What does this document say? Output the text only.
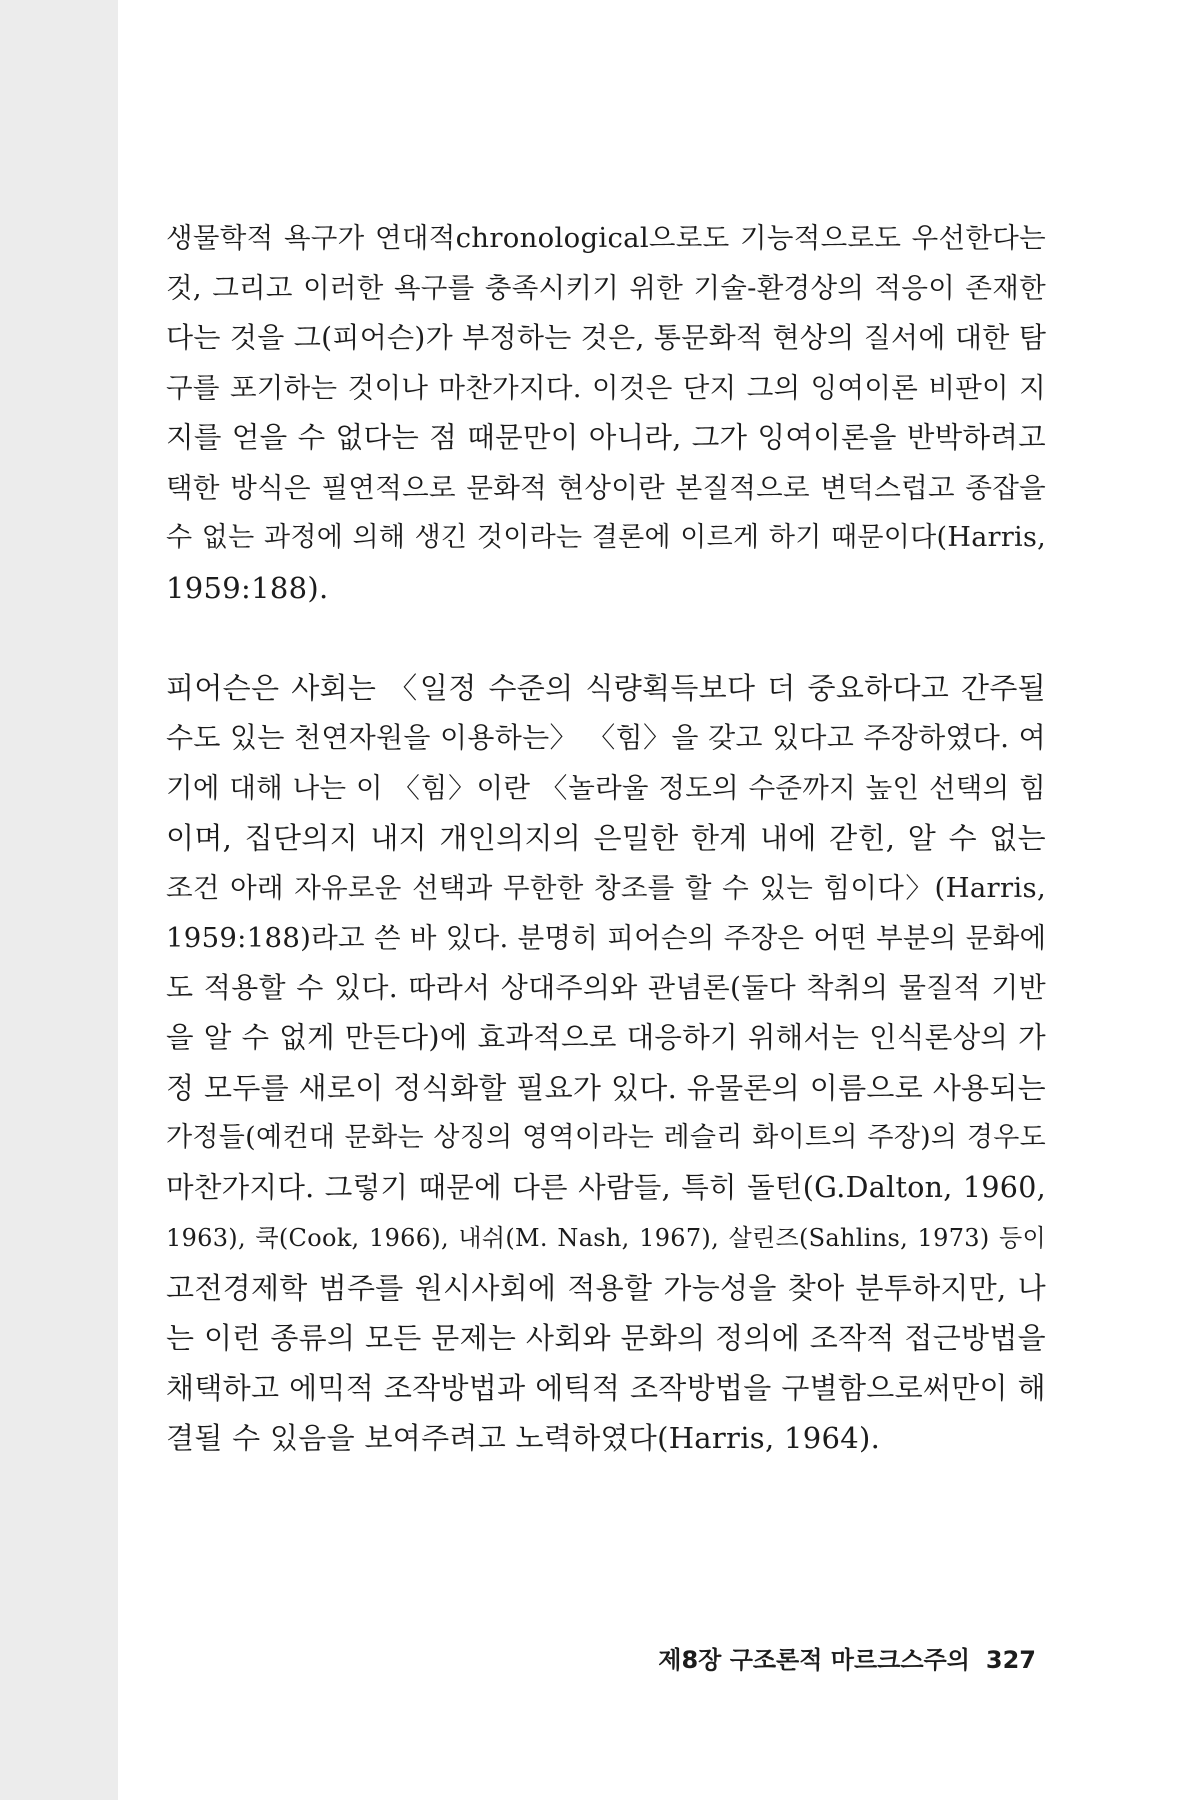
생물학적 욕구가 연대적chronological으로도 기능적으로도 우선한다는
것, 그리고 이러한 욕구를 충족시키기 위한 기술-환경상의 적응이 존재한
다는 것을 그(피어슨)가 부정하는 것은, 통문화적 현상의 질서에 대한 탐
구를 포기하는 것이나 마찬가지다. 이것은 단지 그의 잉여이론 비판이 지
지를 얻을 수 없다는 점 때문만이 아니라, 그가 잉여이론을 반박하려고
택한 방식은 필연적으로 문화적 현상이란 본질적으로 변덕스럽고 종잡을
수 없는 과정에 의해 생긴 것이라는 결론에 이르게 하기 때문이다(Harris,
1959:188).

피어슨은 사회는 〈일정 수준의 식량획득보다 더 중요하다고 간주될
수도 있는 천연자원을 이용하는〉 〈힘〉을 갖고 있다고 주장하였다. 여
기에 대해 나는 이 〈힘〉이란 〈놀라울 정도의 수준까지 높인 선택의 힘
이며, 집단의지 내지 개인의지의 은밀한 한계 내에 갇힌, 알 수 없는
조건 아래 자유로운 선택과 무한한 창조를 할 수 있는 힘이다〉(Harris,
1959:188)라고 쓴 바 있다. 분명히 피어슨의 주장은 어떤 부분의 문화에
도 적용할 수 있다. 따라서 상대주의와 관념론(둘다 착취의 물질적 기반
을 알 수 없게 만든다)에 효과적으로 대응하기 위해서는 인식론상의 가
정 모두를 새로이 정식화할 필요가 있다. 유물론의 이름으로 사용되는
가정들(예컨대 문화는 상징의 영역이라는 레슬리 화이트의 주장)의 경우도
마찬가지다. 그렇기 때문에 다른 사람들, 특히 돌턴(G.Dalton, 1960,
1963), 쿡(Cook, 1966), 내쉬(M. Nash, 1967), 살린즈(Sahlins, 1973) 등이
고전경제학 범주를 원시사회에 적용할 가능성을 찾아 분투하지만, 나
는 이런 종류의 모든 문제는 사회와 문화의 정의에 조작적 접근방법을
채택하고 에믹적 조작방법과 에틱적 조작방법을 구별함으로써만이 해
결될 수 있음을 보여주려고 노력하였다(Harris, 1964).

제8장 구조론적 마르크스주의 327
